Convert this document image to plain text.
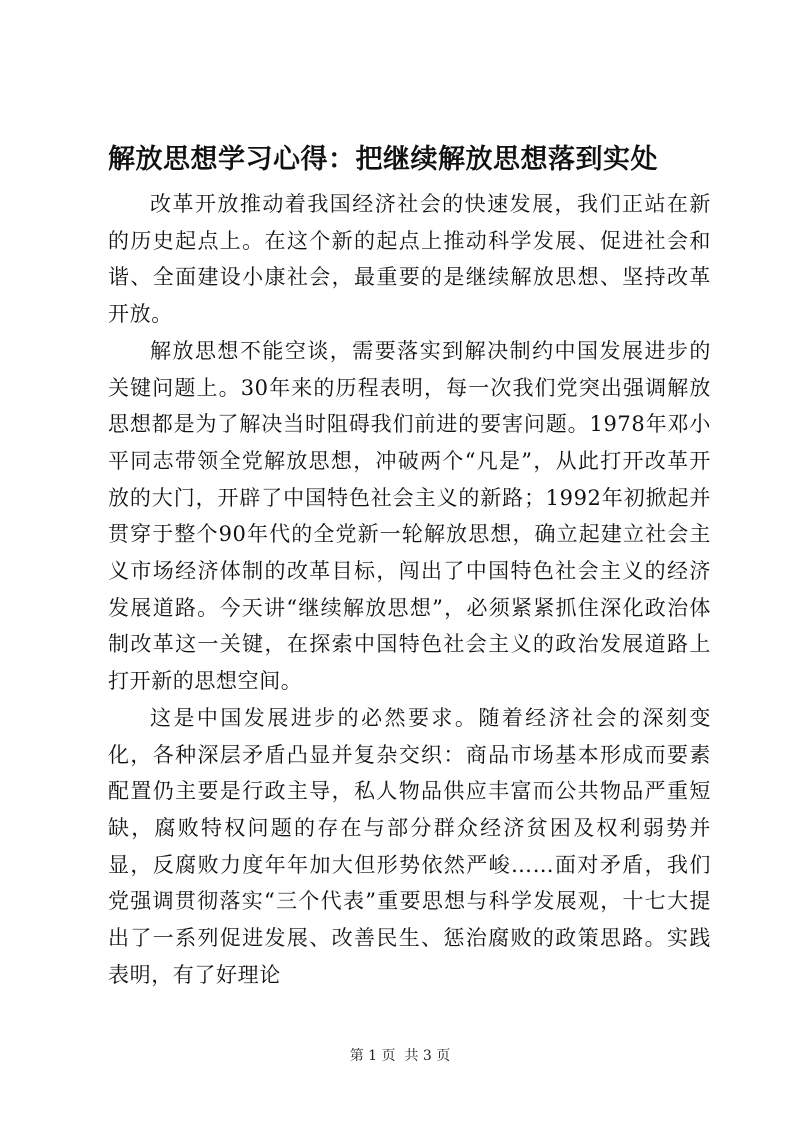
解放思想学习心得：把继续解放思想落到实处

改革开放推动着我国经济社会的快速发展，我们正站在新的历史起点上。在这个新的起点上推动科学发展、促进社会和谐、全面建设小康社会，最重要的是继续解放思想、坚持改革开放。

解放思想不能空谈，需要落实到解决制约中国发展进步的关键问题上。30年来的历程表明，每一次我们党突出强调解放思想都是为了解决当时阻碍我们前进的要害问题。1978年邓小平同志带领全党解放思想，冲破两个“凡是”，从此打开改革开放的大门，开辟了中国特色社会主义的新路；1992年初掀起并贯穿于整个90年代的全党新一轮解放思想，确立起建立社会主义市场经济体制的改革目标，闯出了中国特色社会主义的经济发展道路。今天讲“继续解放思想”，必须紧紧抓住深化政治体制改革这一关键，在探索中国特色社会主义的政治发展道路上打开新的思想空间。

这是中国发展进步的必然要求。随着经济社会的深刻变化，各种深层矛盾凸显并复杂交织：商品市场基本形成而要素配置仍主要是行政主导，私人物品供应丰富而公共物品严重短缺，腐败特权问题的存在与部分群众经济贫困及权利弱势并显，反腐败力度年年加大但形势依然严峻……面对矛盾，我们党强调贯彻落实“三个代表”重要思想与科学发展观，十七大提出了一系列促进发展、改善民生、惩治腐败的政策思路。实践表明，有了好理论

第 1 页  共 3 页
